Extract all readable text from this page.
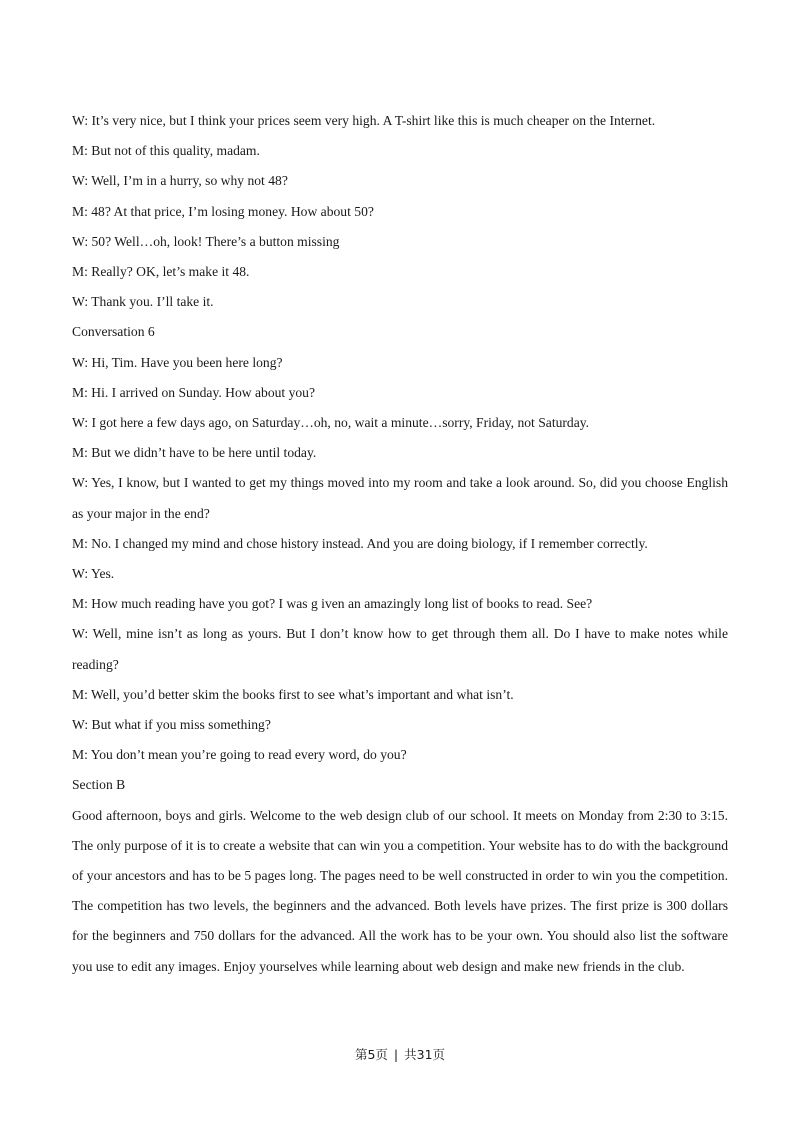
W: It’s very nice, but I think your prices seem very high. A T-shirt like this is much cheaper on the Internet.

M: But not of this quality, madam.

W: Well, I’m in a hurry, so why not 48?

M: 48? At that price, I’m losing money. How about 50?

W: 50? Well…oh, look! There’s a button missing

M: Really? OK, let’s make it 48.

W: Thank you. I’ll take it.

Conversation 6

W: Hi, Tim. Have you been here long?

M: Hi. I arrived on Sunday. How about you?

W: I got here a few days ago, on Saturday…oh, no, wait a minute…sorry, Friday, not Saturday.

M: But we didn’t have to be here until today.

W: Yes, I know, but I wanted to get my things moved into my room and take a look around. So, did you choose English as your major in the end?

M: No. I changed my mind and chose history instead. And you are doing biology, if I remember correctly.

W: Yes.

M: How much reading have you got? I was g iven an amazingly long list of books to read. See?

W: Well, mine isn’t as long as yours. But I don’t know how to get through them all. Do I have to make notes while reading?

M: Well, you’d better skim the books first to see what’s important and what isn’t.

W: But what if you miss something?

M: You don’t mean you’re going to read every word, do you?

Section B

Good afternoon, boys and girls. Welcome to the web design club of our school. It meets on Monday from 2:30 to 3:15. The only purpose of it is to create a website that can win you a competition. Your website has to do with the background of your ancestors and has to be 5 pages long. The pages need to be well constructed in order to win you the competition. The competition has two levels, the beginners and the advanced. Both levels have prizes. The first prize is 300 dollars for the beginners and 750 dollars for the advanced. All the work has to be your own. You should also list the software you use to edit any images. Enjoy yourselves while learning about web design and make new friends in the club.

第5页 | 共31页
